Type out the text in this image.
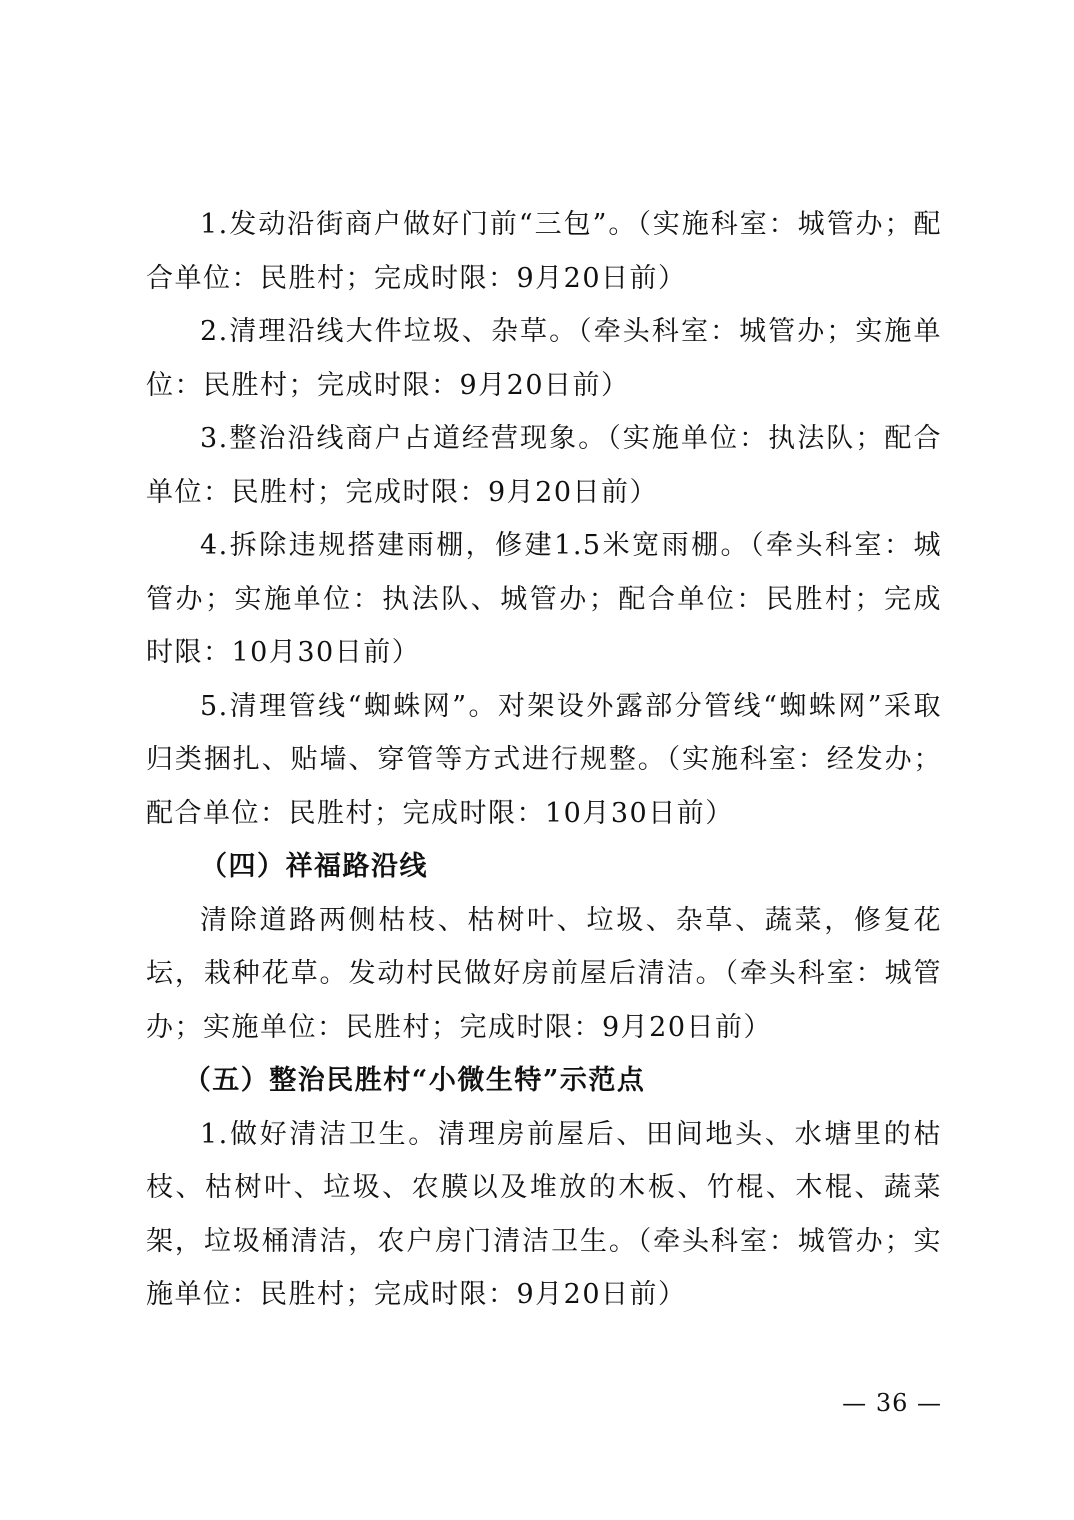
1.发动沿街商户做好门前“三包”。（实施科室：城管办；配合单位：民胜村；完成时限：9月20日前）

2.清理沿线大件垃圾、杂草。（牵头科室：城管办；实施单位：民胜村；完成时限：9月20日前）

3.整治沿线商户占道经营现象。（实施单位：执法队；配合单位：民胜村；完成时限：9月20日前）

4.拆除违规搭建雨棚，修建1.5米宽雨棚。（牵头科室：城管办；实施单位：执法队、城管办；配合单位：民胜村；完成时限：10月30日前）

5.清理管线“蜘蛛网”。对架设外露部分管线“蜘蛛网”采取归类捆扎、贴墙、穿管等方式进行规整。（实施科室：经发办；配合单位：民胜村；完成时限：10月30日前）

（四）祥福路沿线

清除道路两侧枯枝、枯树叶、垃圾、杂草、蔬菜，修复花坛，栽种花草。发动村民做好房前屋后清洁。（牵头科室：城管办；实施单位：民胜村；完成时限：9月20日前）

（五）整治民胜村“小微生特”示范点

1.做好清洁卫生。清理房前屋后、田间地头、水塘里的枯枝、枯树叶、垃圾、农膜以及堆放的木板、竹棍、木棍、蔬菜架，垃圾桶清洁，农户房门清洁卫生。（牵头科室：城管办；实施单位：民胜村；完成时限：9月20日前）

— 36 —
